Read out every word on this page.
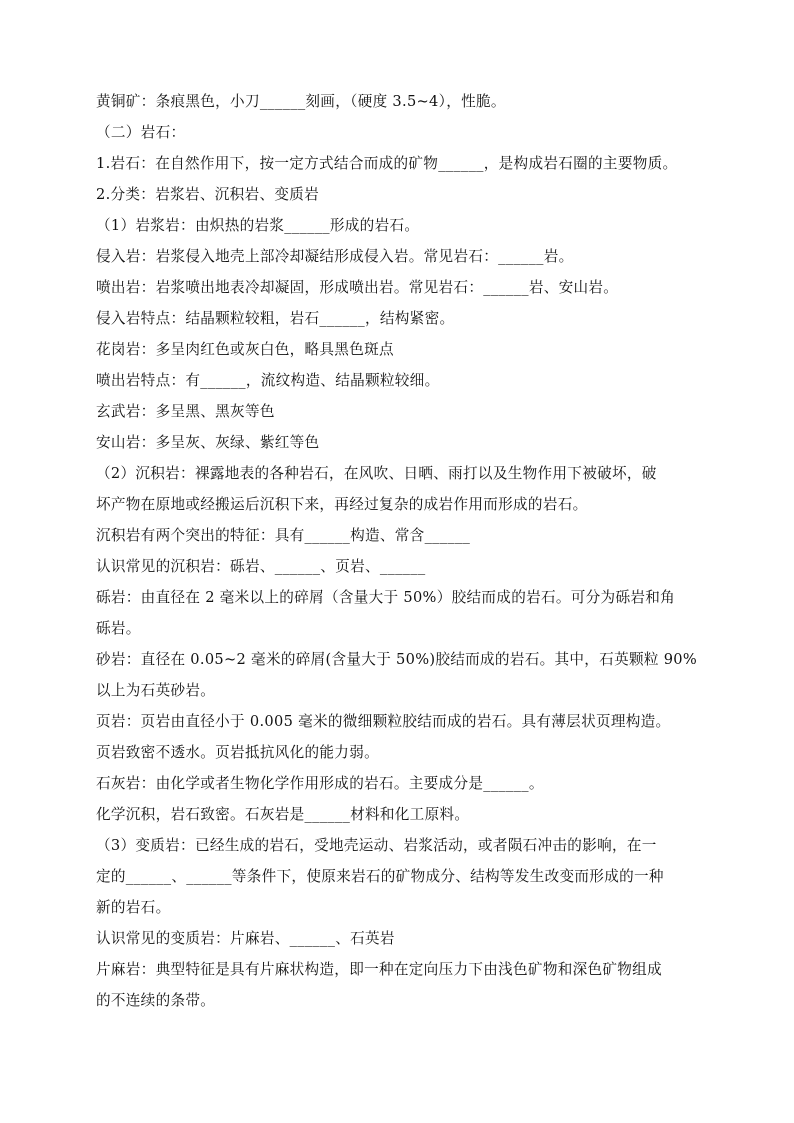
黄铜矿：条痕黑色，小刀______刻画，（硬度 3.5~4），性脆。
（二）岩石：
1.岩石：在自然作用下，按一定方式结合而成的矿物______，是构成岩石圈的主要物质。
2.分类：岩浆岩、沉积岩、变质岩
（1）岩浆岩：由炽热的岩浆______形成的岩石。
侵入岩：岩浆侵入地壳上部冷却凝结形成侵入岩。常见岩石：______岩。
喷出岩：岩浆喷出地表冷却凝固，形成喷出岩。常见岩石：______岩、安山岩。
侵入岩特点：结晶颗粒较粗，岩石______，结构紧密。
花岗岩：多呈肉红色或灰白色，略具黑色斑点
喷出岩特点：有______，流纹构造、结晶颗粒较细。
玄武岩：多呈黑、黑灰等色
安山岩：多呈灰、灰绿、紫红等色
（2）沉积岩：裸露地表的各种岩石，在风吹、日晒、雨打以及生物作用下被破坏，破
坏产物在原地或经搬运后沉积下来，再经过复杂的成岩作用而形成的岩石。
沉积岩有两个突出的特征：具有______构造、常含______
认识常见的沉积岩：砾岩、______、页岩、______
砾岩：由直径在 2 毫米以上的碎屑（含量大于 50%）胶结而成的岩石。可分为砾岩和角
砾岩。
砂岩：直径在 0.05~2 毫米的碎屑(含量大于 50%)胶结而成的岩石。其中，石英颗粒 90%
以上为石英砂岩。
页岩：页岩由直径小于 0.005 毫米的微细颗粒胶结而成的岩石。具有薄层状页理构造。
页岩致密不透水。页岩抵抗风化的能力弱。
石灰岩：由化学或者生物化学作用形成的岩石。主要成分是______。
化学沉积，岩石致密。石灰岩是______材料和化工原料。
（3）变质岩：已经生成的岩石，受地壳运动、岩浆活动，或者陨石冲击的影响，在一
定的______、______等条件下，使原来岩石的矿物成分、结构等发生改变而形成的一种
新的岩石。
认识常见的变质岩：片麻岩、______、石英岩
片麻岩：典型特征是具有片麻状构造，即一种在定向压力下由浅色矿物和深色矿物组成
的不连续的条带。
